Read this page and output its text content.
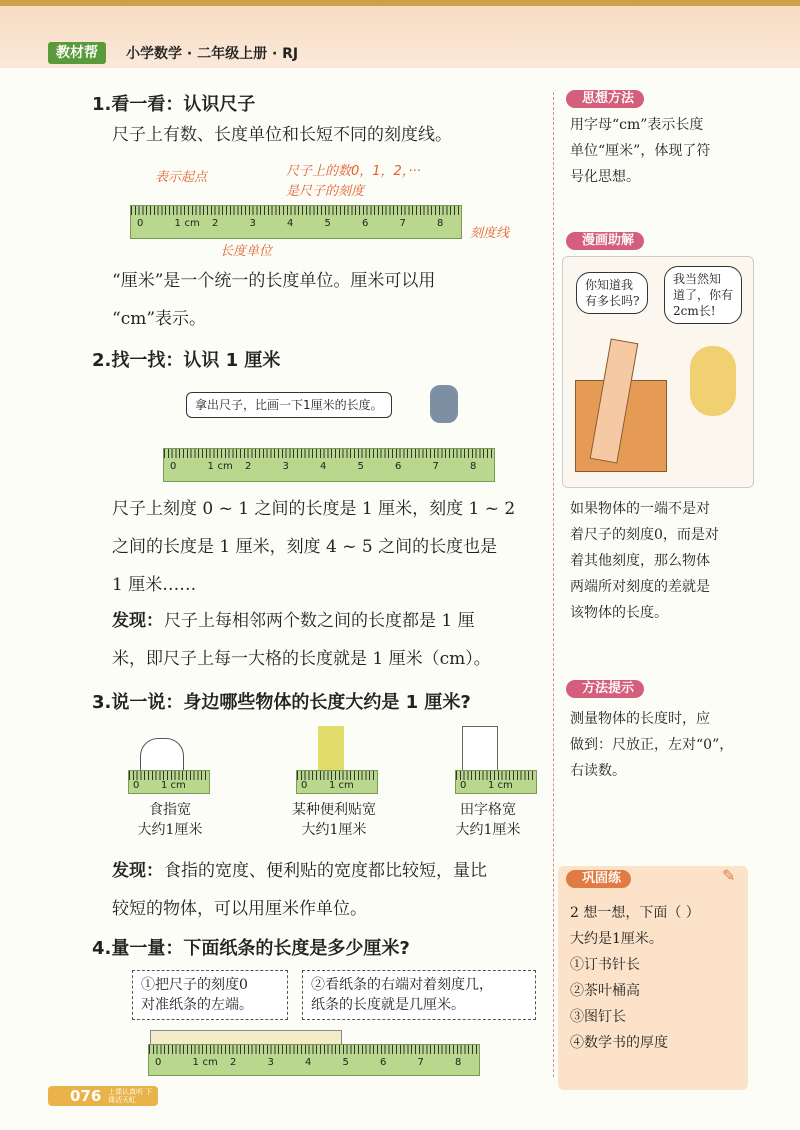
教材帮	小学数学 · 二年级上册 · RJ
1.看一看：认识尺子
尺子上有数、长度单位和长短不同的刻度线。
表示起点	尺子上的数0，1，2，···
是尺子的刻度
0	1 cm 2	3	4	5	6	7	8
刻度线
长度单位
“厘米”是一个统一的长度单位。厘米可以用
“cm”表示。
2.找一找：认识 1 厘米
拿出尺子，比画一下1厘米的长度。
0	1 cm 2	3	4	5	6	7	8
尺子上刻度 0 ~ 1 之间的长度是 1 厘米，刻度 1 ~ 2
之间的长度是 1 厘米，刻度 4 ~ 5 之间的长度也是
1 厘米……
发现： 尺子上每相邻两个数之间的长度都是 1 厘
米，即尺子上每一大格的长度就是 1 厘米（cm）。
3.说一说：身边哪些物体的长度大约是 1 厘米?
0 1 cm
食指宽
大约1厘米
0 1 cm
某种便利贴宽
大约1厘米
0 1 cm
田字格宽
大约1厘米
发现： 食指的宽度、便利贴的宽度都比较短，量比
较短的物体，可以用厘米作单位。
4.量一量：下面纸条的长度是多少厘米?
①把尺子的刻度0
对准纸条的左端。
②看纸条的右端对着刻度几，
纸条的长度就是几厘米。
0	1 cm 2	3	4	5	6	7	8
思想方法
用字母“cm”表示长度
单位“厘米”，体现了符
号化思想。
漫画助解
你知道我
有多长吗?
我当然知
道了，你有
2cm长!
如果物体的一端不是对
着尺子的刻度0，而是对
着其他刻度，那么物体
两端所对刻度的差就是
该物体的长度。
方法提示
测量物体的长度时，应
做到：尺放正，左对“0”，
右读数。
巩固练	✎
2 想一想，下面（ ）
大约是1厘米。
①订书针长
②茶叶桶高
③图钉长
④数学书的厚度
076 上课认真听 下课活天虹
